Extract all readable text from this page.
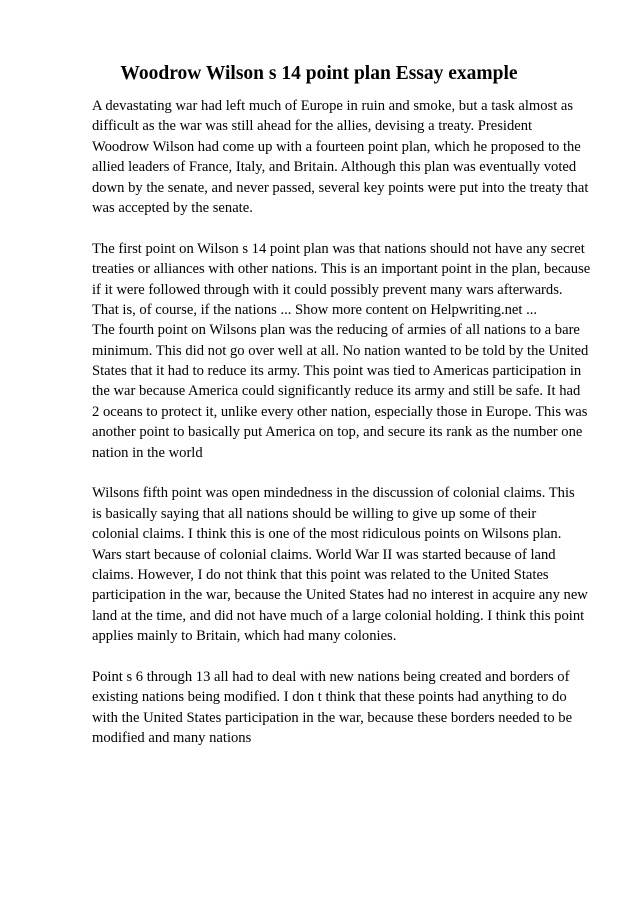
Woodrow Wilson s 14 point plan Essay example
A devastating war had left much of Europe in ruin and smoke, but a task almost as
difficult as the war was still ahead for the allies, devising a treaty. President
Woodrow Wilson had come up with a fourteen point plan, which he proposed to the
allied leaders of France, Italy, and Britain. Although this plan was eventually voted
down by the senate, and never passed, several key points were put into the treaty that
was accepted by the senate.
The first point on Wilson s 14 point plan was that nations should not have any secret
treaties or alliances with other nations. This is an important point in the plan, because
if it were followed through with it could possibly prevent many wars afterwards.
That is, of course, if the nations ... Show more content on Helpwriting.net ...
The fourth point on Wilsons plan was the reducing of armies of all nations to a bare
minimum. This did not go over well at all. No nation wanted to be told by the United
States that it had to reduce its army. This point was tied to Americas participation in
the war because America could significantly reduce its army and still be safe. It had
2 oceans to protect it, unlike every other nation, especially those in Europe. This was
another point to basically put America on top, and secure its rank as the number one
nation in the world
Wilsons fifth point was open mindedness in the discussion of colonial claims. This
is basically saying that all nations should be willing to give up some of their
colonial claims. I think this is one of the most ridiculous points on Wilsons plan.
Wars start because of colonial claims. World War II was started because of land
claims. However, I do not think that this point was related to the United States
participation in the war, because the United States had no interest in acquire any new
land at the time, and did not have much of a large colonial holding. I think this point
applies mainly to Britain, which had many colonies.
Point s 6 through 13 all had to deal with new nations being created and borders of
existing nations being modified. I don t think that these points had anything to do
with the United States participation in the war, because these borders needed to be
modified and many nations
